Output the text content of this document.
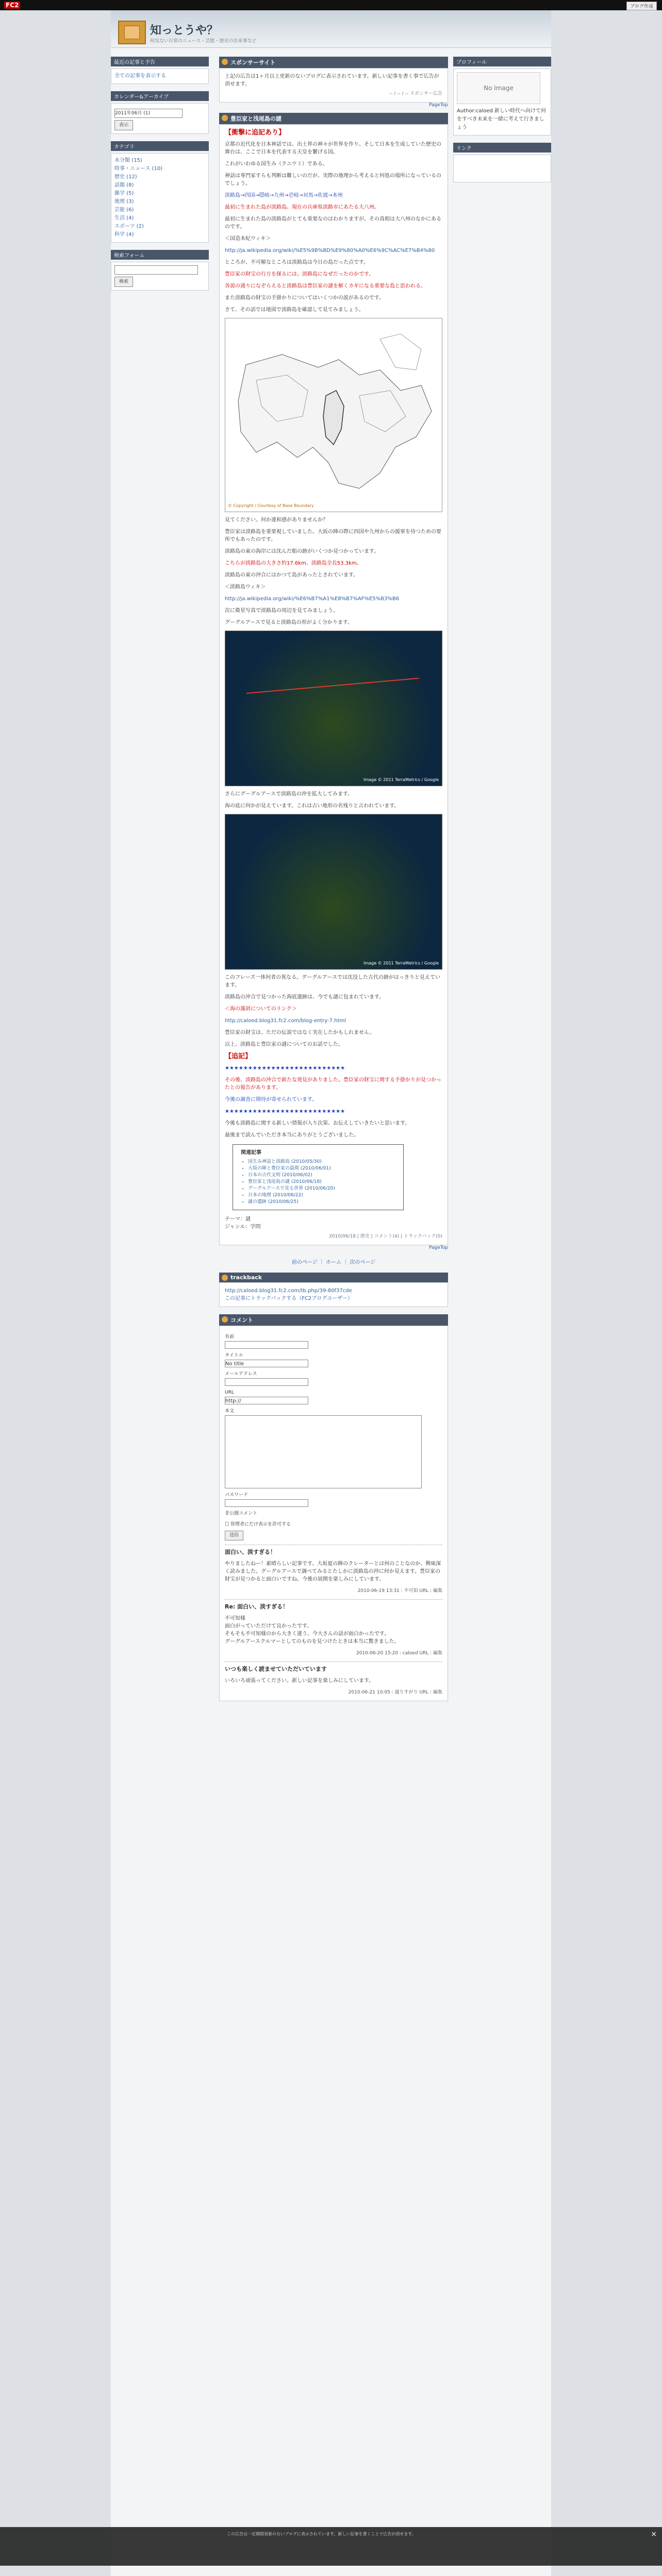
FC2	ブログ作成
知っとうや？
何気ない日常のニュース・芸能・歴史の出来事など
最近の記事と予告
全ての記事を表示する
カレンダー&アーカイブ
2011年06月 (1)
表示
カテゴリ
未分類 (15)
時事・ニュース (10)
歴史 (12)
話題 (8)
雑学 (5)
地理 (3)
芸能 (6)
生活 (4)
スポーツ (2)
科学 (4)
検索フォーム
検索
スポンサーサイト
上記の広告は1ヶ月以上更新のないブログに表示されています。新しい記事を書く事で広告が消せます。
-- / -- / -- スポンサー広告
PageTop
豊臣家と浅尾島の謎
【衝撃に追記あり】
京都の近代化を日本神話では、出土界の神々が世界を作り、そして日本を生成していた歴史の舞台は、ここで日本を代表する天皇を繋げる国。
これがいわゆる国生み（クニウミ）である。
神話は専門家すらも判断は難しいのだが、実際の地理から考えると何処の場所になっているのでしょう。
淡路島→四国→隠岐→九州→壱岐→対馬→佐渡→本州
最初に生まれた島が淡路島。現在の兵庫県淡路市にあたる大八州。
最初に生まれた島の淡路島がとても重要なのはわかりますが、その真相は大八州のなかにあるのです。
＜国造本紀ウィキ＞
http://ja.wikipedia.org/wiki/%E5%9B%BD%E9%80%A0%E6%9C%AC%E7%B4%80
ところが、不可解なところは淡路島は今日の島だった点です。
豊臣家の財宝の行方を探るには、淡路島になぜだったのかです。
各説の通りになぞらえると淡路島は豊臣家の謎を解くカギになる重要な島と思われる。
また淡路島の財宝の手掛かりについてはいくつかの説があるのです。
さて、その話では地図で淡路島を確認して見てみましょう。
© Copyright / Courtesy of Base Boundary
見てください。何か違和感がありませんか？
豊臣家は淡路島を重要視していました。大坂の陣の際に四国や九州からの援軍を待つための要所でもあったのです。
淡路島の東の海岸には沈んだ船の跡がいくつか見つかっています。
こちらが淡路島の大きさ約17.6km、淡路島全長53.3km。
淡路島の東の沖合にはかつて島があったとされています。
＜淡路島ウィキ＞
http://ja.wikipedia.org/wiki/%E6%B7%A1%E8%B7%AF%E5%B3%B6
次に衛星写真で淡路島の周辺を見てみましょう。
グーグルアースで見ると淡路島の形がよく分かります。
Image © 2011 TerraMetrics / Google
さらにグーグルアースで淡路島の沖を拡大してみます。
海の底に何かが見えています。これは古い地形の名残りと言われています。
Image © 2011 TerraMetrics / Google
このフレーズ一体何者の異なる。グーグルアースでは沈没した古代の跡がはっきりと見えています。
淡路島の沖合で見つかった海底遺跡は、今でも謎に包まれています。
＜海の藻屑についてのリンク＞
http://caloed.blog31.fc2.com/blog-entry-7.html
豊臣家の財宝は、ただの伝説ではなく実在したかもしれません。
以上、淡路島と豊臣家の謎についてのお話でした。
【追記】
★★★★★★★★★★★★★★★★★★★★★★★★★★
その後、淡路島の沖合で新たな発見がありました。豊臣家の財宝に関する手掛かりが見つかったとの報告があります。
今後の調査に期待が寄せられています。
★★★★★★★★★★★★★★★★★★★★★★★★★★
今後も淡路島に関する新しい情報が入り次第、お伝えしていきたいと思います。
最後まで読んでいただき本当にありがとうございました。
関連記事
• 国生み神話と淡路島 (2010/05/30)
• 大坂の陣と豊臣家の最期 (2010/06/01)
• 日本の古代文明 (2010/06/02)
• 豊臣家と浅尾島の謎 (2010/06/18)
• グーグルアースで見る世界 (2010/06/20)
• 日本の地理 (2010/06/22)
• 謎の遺跡 (2010/06/25)
テーマ：謎
ジャンル：学問
2010/06/18 | 歴史 | コメント(4) | トラックバック(0)
PageTop
前のページ ｜ ホーム ｜ 次のページ
trackback
http://caloed.blog31.fc2.com/tb.php/39-80f37cde
この記事にトラックバックする（FC2ブログユーザー）
コメント
名前
タイトル
No title
メールアドレス
URL
http://
本文
パスワード
非公開コメント
☐ 管理者にだけ表示を許可する
送信
面白い、淡すぎる！
やりましたねー！素晴らしい記事です。大坂夏の陣のクレーターとは何のことなのか、興味深く読みました。グーグルアースで調べてみるとたしかに淡路島の沖に何か見えます。豊臣家の財宝が見つかると面白いですね。今後の展開を楽しみにしています。
2010-06-19 13:31 : 不可知 URL : 編集
Re: 面白い、淡すぎる！
不可知様
面白がっていただけて良かったです。
そもそも不可知様のから大きく違う、今大さんの話が面白かったです。
グーグルアースクルマーとしてのものを見つけたときは本当に驚きました。
2010-06-20 15:20 : caloed URL : 編集
いつも楽しく読ませていただいています
いろいろ頑張ってください。新しい記事を楽しみにしています。
2010-06-21 10:05 : 通りすがり URL : 編集
プロフィール
No Image
Author:caloed 新しい時代へ向けて何をすべき未来を一緒に考えて行きましょう
リンク
×
この広告は一定期間更新のないブログに表示されています。新しい記事を書くことで広告が消せます。
